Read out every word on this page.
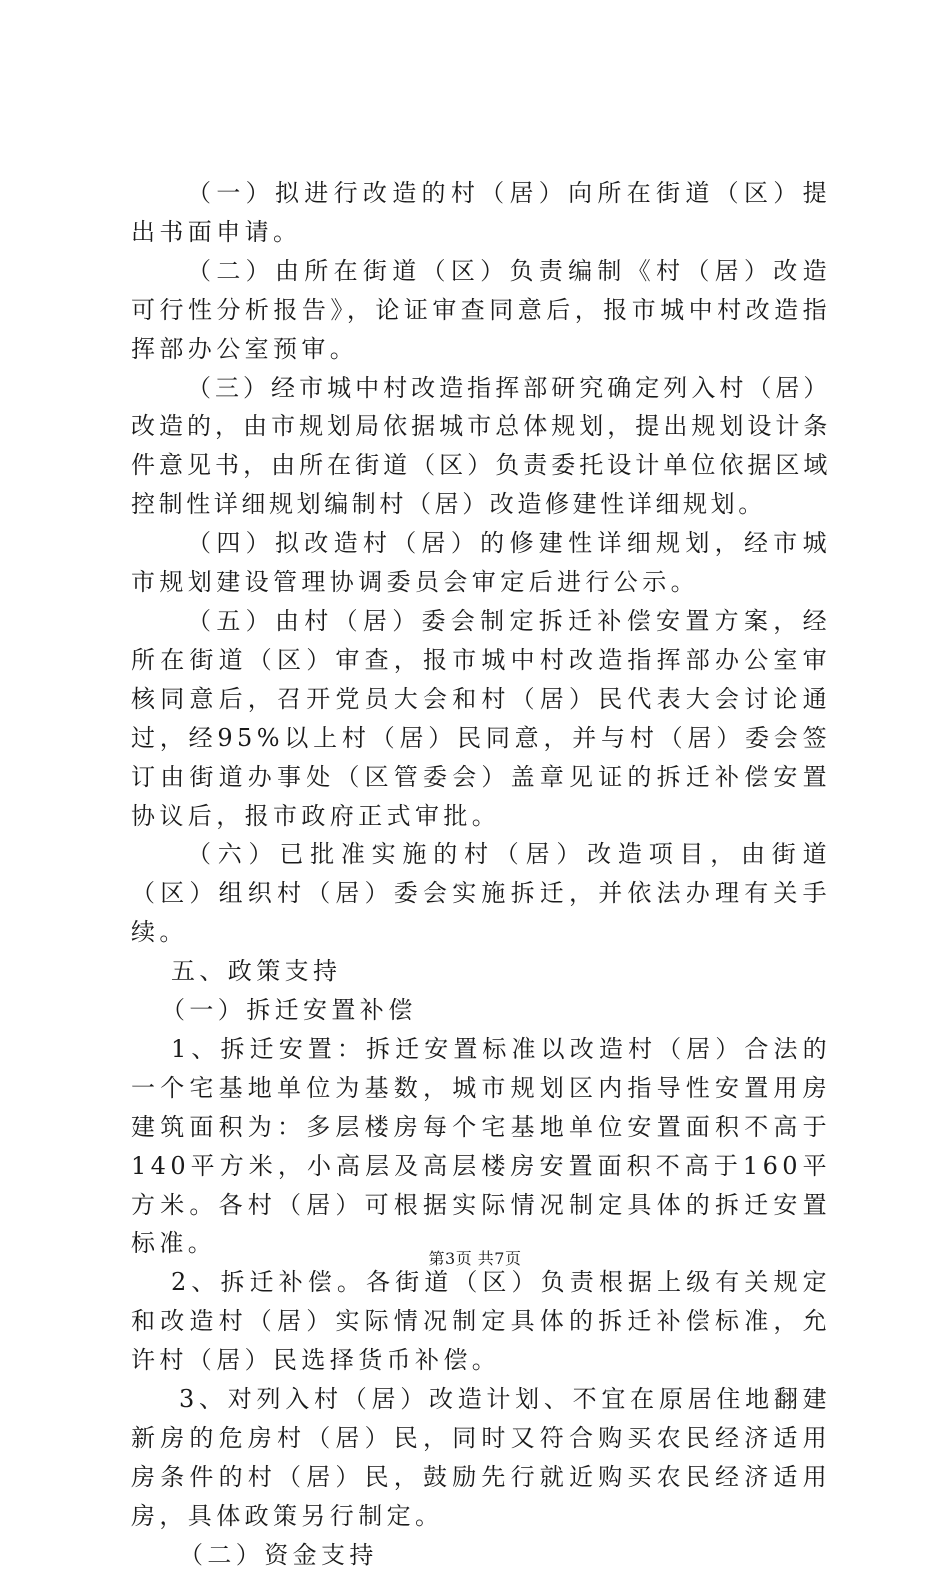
（一）拟进行改造的村（居）向所在街道（区）提出书面申请。

（二）由所在街道（区）负责编制《村（居）改造可行性分析报告》，论证审查同意后，报市城中村改造指挥部办公室预审。

（三）经市城中村改造指挥部研究确定列入村（居）改造的，由市规划局依据城市总体规划，提出规划设计条件意见书，由所在街道（区）负责委托设计单位依据区域控制性详细规划编制村（居）改造修建性详细规划。

（四）拟改造村（居）的修建性详细规划，经市城市规划建设管理协调委员会审定后进行公示。

（五）由村（居）委会制定拆迁补偿安置方案，经所在街道（区）审查，报市城中村改造指挥部办公室审核同意后，召开党员大会和村（居）民代表大会讨论通过，经95%以上村（居）民同意，并与村（居）委会签订由街道办事处（区管委会）盖章见证的拆迁补偿安置协议后，报市政府正式审批。

（六）已批准实施的村（居）改造项目，由街道（区）组织村（居）委会实施拆迁，并依法办理有关手续。

五、政策支持

（一）拆迁安置补偿

1、拆迁安置：拆迁安置标准以改造村（居）合法的一个宅基地单位为基数，城市规划区内指导性安置用房建筑面积为：多层楼房每个宅基地单位安置面积不高于140平方米，小高层及高层楼房安置面积不高于160平方米。各村（居）可根据实际情况制定具体的拆迁安置标准。

2、拆迁补偿。各街道（区）负责根据上级有关规定和改造村（居）实际情况制定具体的拆迁补偿标准，允许村（居）民选择货币补偿。

3、对列入村（居）改造计划、不宜在原居住地翻建新房的危房村（居）民，同时又符合购买农民经济适用房条件的村（居）民，鼓励先行就近购买农民经济适用房，具体政策另行制定。

（二）资金支持

第3页 共7页
